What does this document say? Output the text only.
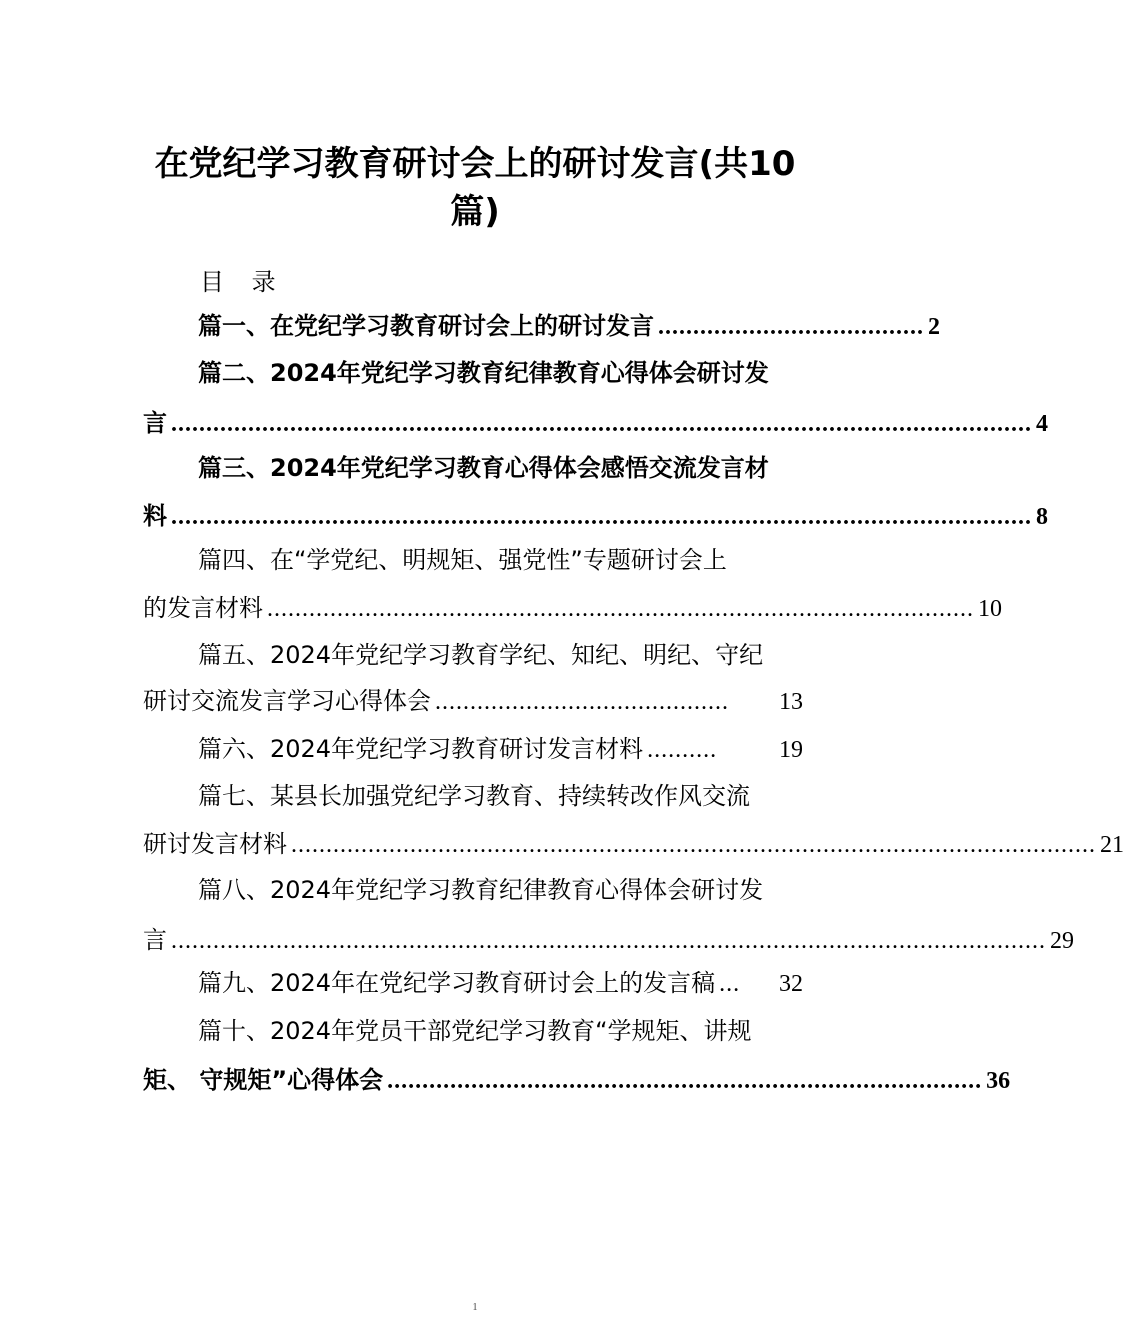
在党纪学习教育研讨会上的研讨发言(共10
篇)
目 录
篇一、在党纪学习教育研讨会上的研讨发言 ...................................... 2
篇二、2024年党纪学习教育纪律教育心得体会研讨发
言 ........................................................................................................................... 4
篇三、2024年党纪学习教育心得体会感悟交流发言材
料 ........................................................................................................................... 8
篇四、在“学党纪、明规矩、强党性”专题研讨会上
的发言材料 ..................................................................................................... 10
篇五、2024年党纪学习教育学纪、知纪、明纪、守纪
研讨交流发言学习心得体会 ..........................................	13
篇六、2024年党纪学习教育研讨发言材料 ..........	19
篇七、某县长加强党纪学习教育、持续转改作风交流
研讨发言材料 ................................................................................................................... 21
篇八、2024年党纪学习教育纪律教育心得体会研讨发
言 ............................................................................................................................. 29
篇九、2024年在党纪学习教育研讨会上的发言稿 ...	32
篇十、2024年党员干部党纪学习教育“学规矩、讲规
矩、 守规矩”心得体会 ..................................................................................... 36
1
